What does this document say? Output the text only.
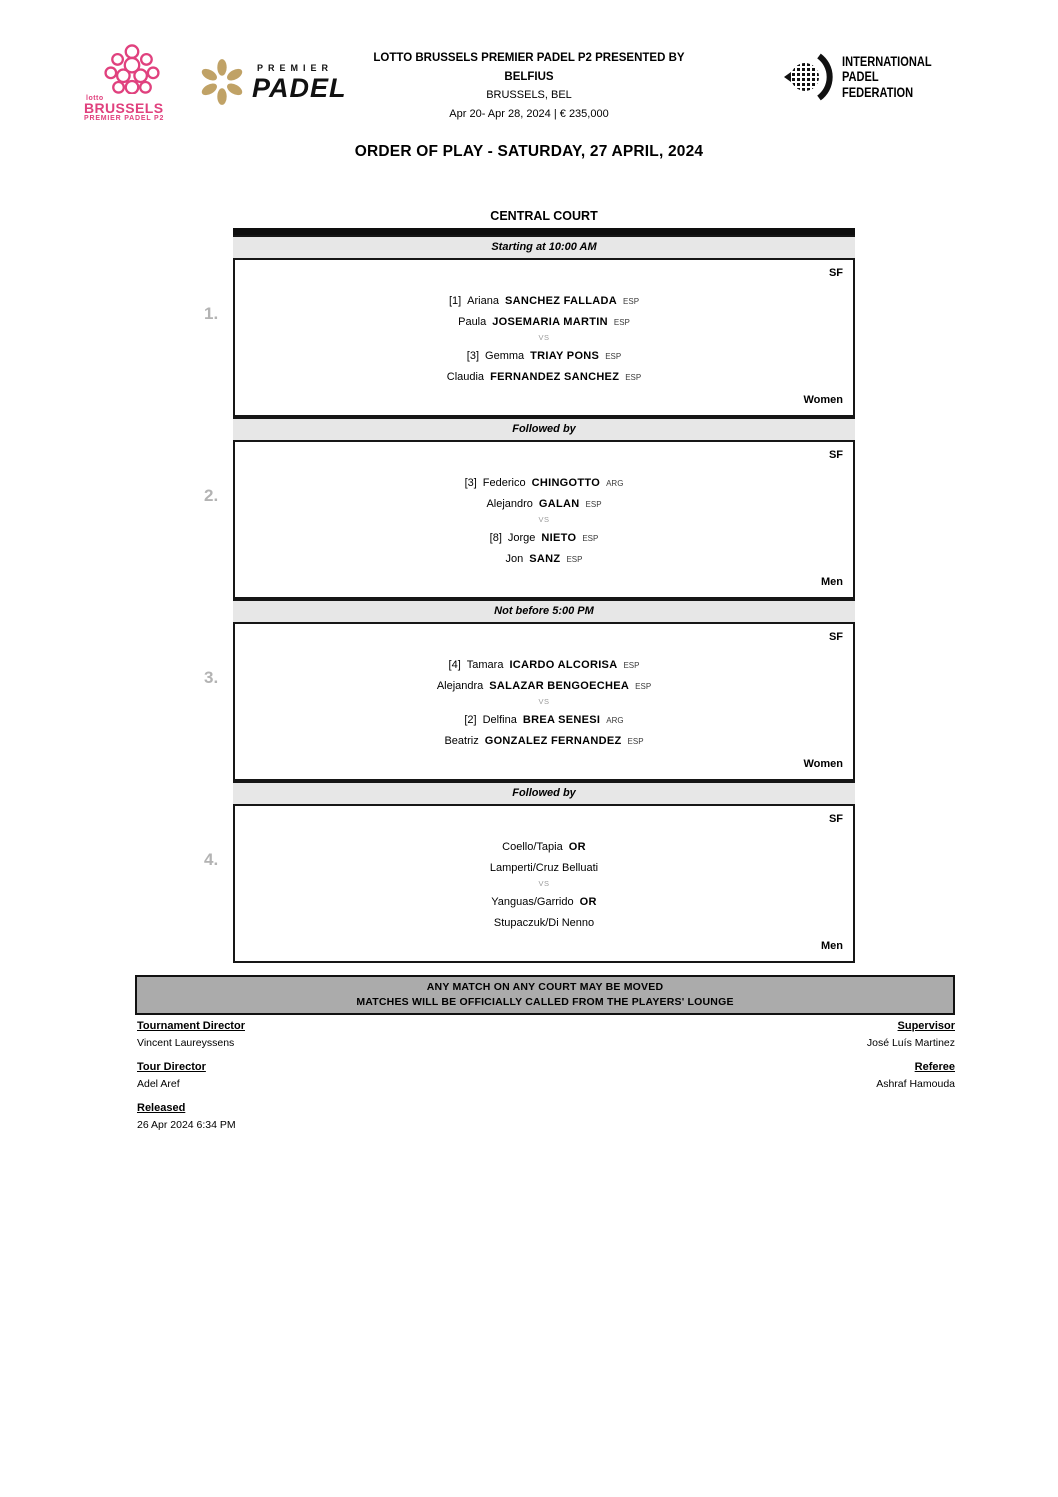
lotto
BRUSSELS
PREMIER PADEL P2
PREMIER
PADEL
LOTTO BRUSSELS PREMIER PADEL P2 PRESENTED BY
BELFIUS
BRUSSELS, BEL
Apr 20- Apr 28, 2024 | € 235,000
INTERNATIONAL
PADEL
FEDERATION
ORDER OF PLAY - SATURDAY, 27 APRIL, 2024
CENTRAL COURT
Starting at 10:00 AM
1.
SF
[1] Ariana SANCHEZ FALLADA ESP
Paula JOSEMARIA MARTIN ESP
VS
[3] Gemma TRIAY PONS ESP
Claudia FERNANDEZ SANCHEZ ESP
Women
Followed by
2.
SF
[3] Federico CHINGOTTO ARG
Alejandro GALAN ESP
VS
[8] Jorge NIETO ESP
Jon SANZ ESP
Men
Not before 5:00 PM
3.
SF
[4] Tamara ICARDO ALCORISA ESP
Alejandra SALAZAR BENGOECHEA ESP
VS
[2] Delfina BREA SENESI ARG
Beatriz GONZALEZ FERNANDEZ ESP
Women
Followed by
4.
SF
Coello/Tapia OR
Lamperti/Cruz Belluati
VS
Yanguas/Garrido OR
Stupaczuk/Di Nenno
Men
ANY MATCH ON ANY COURT MAY BE MOVED
MATCHES WILL BE OFFICIALLY CALLED FROM THE PLAYERS' LOUNGE
Tournament Director
Vincent Laureyssens
Tour Director
Adel Aref
Released
26 Apr 2024 6:34 PM
Supervisor
José Luís Martinez
Referee
Ashraf Hamouda
